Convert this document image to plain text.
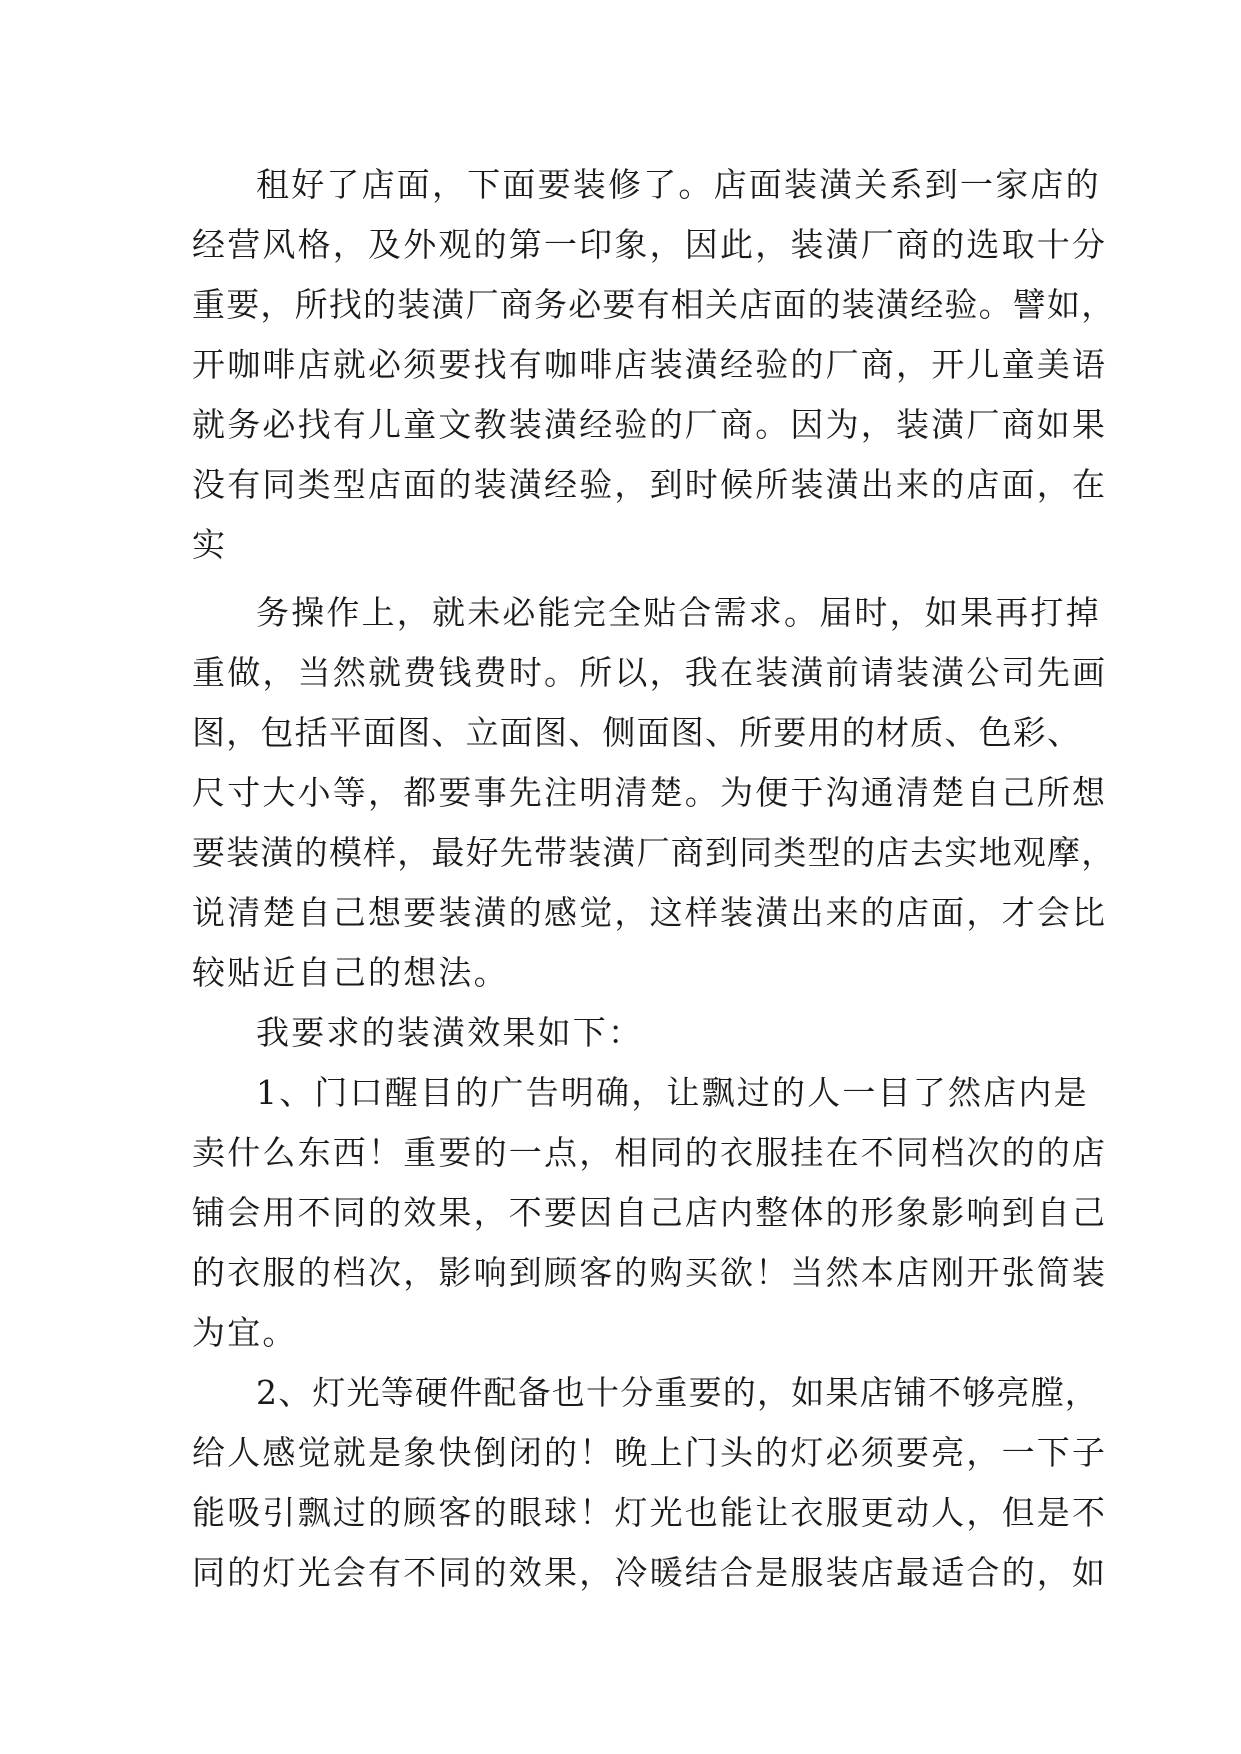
租好了店面，下面要装修了。店面装潢关系到一家店的
经营风格，及外观的第一印象，因此，装潢厂商的选取十分
重要，所找的装潢厂商务必要有相关店面的装潢经验。譬如，
开咖啡店就必须要找有咖啡店装潢经验的厂商，开儿童美语
就务必找有儿童文教装潢经验的厂商。因为，装潢厂商如果
没有同类型店面的装潢经验，到时候所装潢出来的店面，在
实
务操作上，就未必能完全贴合需求。届时，如果再打掉
重做，当然就费钱费时。所以，我在装潢前请装潢公司先画
图，包括平面图、立面图、侧面图、所要用的材质、色彩、
尺寸大小等，都要事先注明清楚。为便于沟通清楚自己所想
要装潢的模样，最好先带装潢厂商到同类型的店去实地观摩，
说清楚自己想要装潢的感觉，这样装潢出来的店面，才会比
较贴近自己的想法。
我要求的装潢效果如下：
1、门口醒目的广告明确，让飘过的人一目了然店内是
卖什么东西！重要的一点，相同的衣服挂在不同档次的的店
铺会用不同的效果，不要因自己店内整体的形象影响到自己
的衣服的档次，影响到顾客的购买欲！当然本店刚开张简装
为宜。
2、灯光等硬件配备也十分重要的，如果店铺不够亮膛，
给人感觉就是象快倒闭的！晚上门头的灯必须要亮，一下子
能吸引飘过的顾客的眼球！灯光也能让衣服更动人，但是不
同的灯光会有不同的效果，冷暖结合是服装店最适合的，如
